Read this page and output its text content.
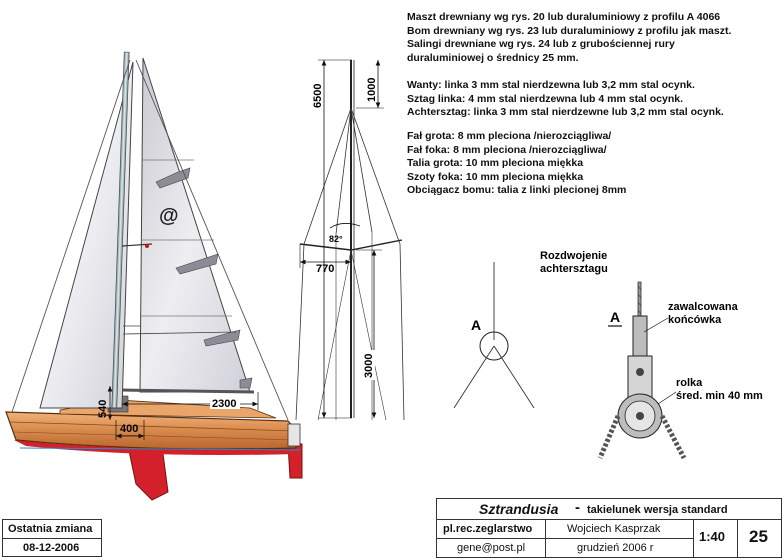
@
2300
540
400
6500	1000
3000
770
82°
Rozdwojenie
achtersztagu
A	A
zawalcowana
końcówka
rolka
śred. min 40 mm
Maszt drewniany wg rys. 20 lub duraluminiowy z profilu A 4066
Bom drewniany wg rys. 23 lub duraluminiowy z profilu jak maszt.
Salingi drewniane wg rys. 24 lub z grubościennej rury
duraluminiowej o średnicy 25 mm.
Wanty: linka 3 mm stal nierdzewna lub 3,2 mm stal ocynk.
Sztag linka: 4 mm stal nierdzewna lub 4 mm stal ocynk.
Achtersztag: linka 3 mm stal nierdzewne lub 3,2 mm stal ocynk.
Fał grota: 8 mm pleciona /nierozciągliwa/
Fał foka: 8 mm pleciona /nierozciągliwa/
Talia grota: 10 mm pleciona miękka
Szoty foka: 10 mm pleciona miękka
Obciągacz bomu: talia z linki plecionej 8mm
Ostatnia zmiana
08-12-2006
Sztrandusia - takielunek wersja standard
pl.rec.zeglarstwo
gene@post.pl
Wojciech Kasprzak
grudzień 2006 r
1:40 25
